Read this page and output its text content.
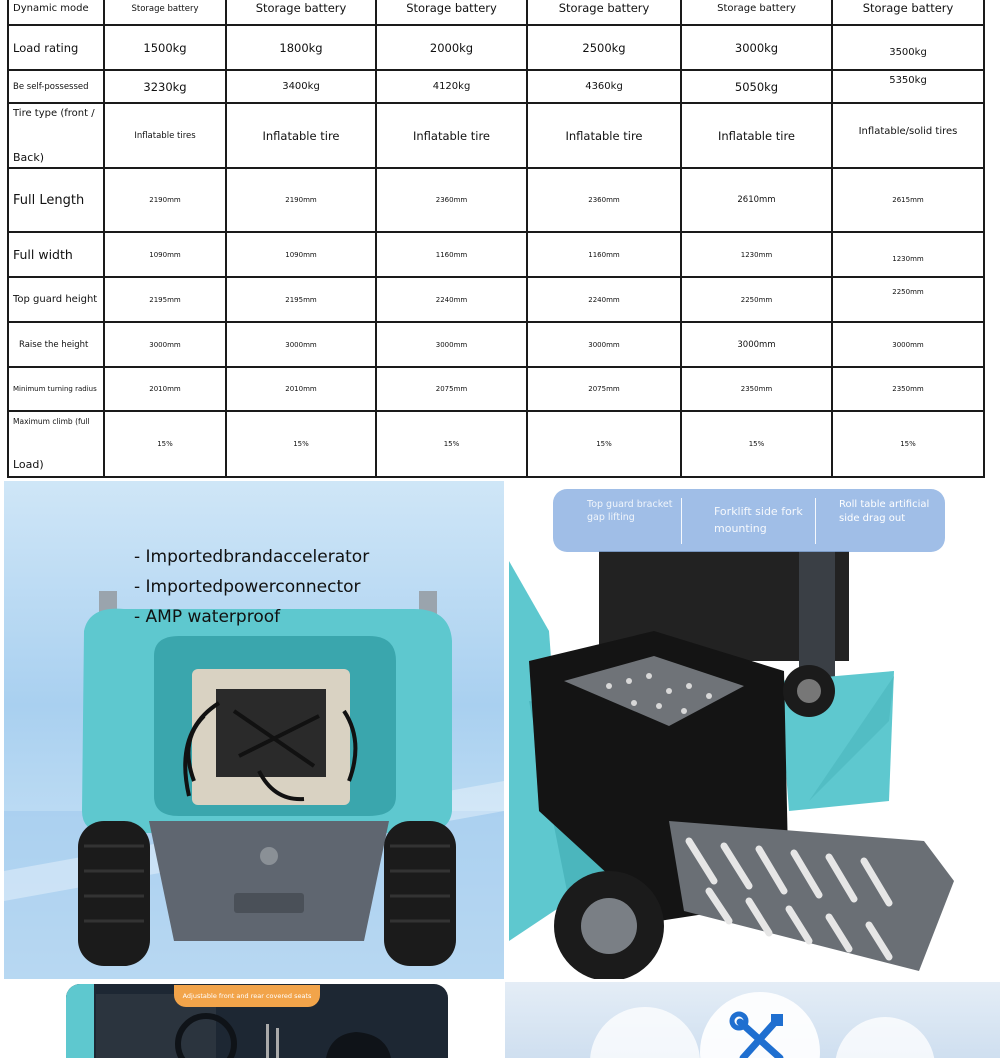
Dynamic mode	Storage battery	Storage battery	Storage battery	Storage battery	Storage battery	Storage battery
Load rating	1500kg	1800kg	2000kg	2500kg	3000kg	3500kg
Be self-possessed	3230kg	3400kg	4120kg	4360kg	5050kg	5350kg

Tire type (front /
Back)	Inflatable tires	Inflatable tire	Inflatable tire	Inflatable tire	Inflatable tire	Inflatable/solid tires
Full Length	2190mm	2190mm	2360mm	2360mm	2610mm	2615mm
Full width	1090mm	1090mm	1160mm	1160mm	1230mm	1230mm
Top guard height	2195mm	2195mm	2240mm	2240mm	2250mm	2250mm
Raise the height	3000mm	3000mm	3000mm	3000mm	3000mm	3000mm
Minimum turning radius	2010mm	2010mm	2075mm	2075mm	2350mm	2350mm

Maximum climb (full
Load)	15%	15%	15%	15%	15%	15%
- Importedbrandaccelerator
- Importedpowerconnector
- AMP waterproof
Top guard bracket gap lifting	Forklift side fork mounting
Roll table artificial side drag out
Adjustable front and rear covered seats
